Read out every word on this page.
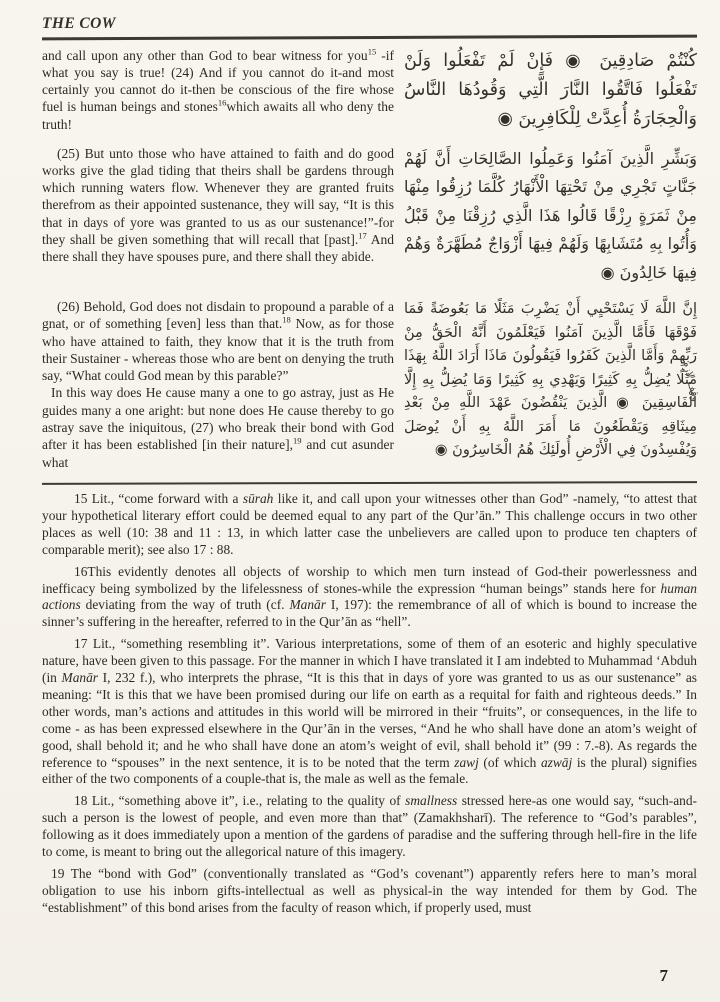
THE COW

and call upon any other than God to bear witness for you$^{15}$ -if what you say is true! (24) And if you cannot do it-and most certainly you cannot do it-then be conscious of the fire whose fuel is human beings and stones$^{16}$which awaits all who deny the truth!

كُنْتُمْ صَادِقِينَ ◉ فَإِنْ لَمْ تَفْعَلُوا وَلَنْ تَفْعَلُوا فَاتَّقُوا النَّارَ الَّتِي وَقُودُهَا النَّاسُ وَالْحِجَارَةُ أُعِدَّتْ لِلْكَافِرِينَ ◉

(25) But unto those who have attained to faith and do good works give the glad tiding that theirs shall be gardens through which running waters flow. Whenever they are granted fruits therefrom as their appointed sustenance, they will say, “It is this that in days of yore was granted to us as our sustenance!”-for they shall be given something that will recall that [past].$^{17}$ And there shall they have spouses pure, and there shall they abide.

وَبَشِّرِ الَّذِينَ آمَنُوا وَعَمِلُوا الصَّالِحَاتِ أَنَّ لَهُمْ جَنَّاتٍ تَجْرِي مِنْ تَحْتِهَا الْأَنْهَارُ كُلَّمَا رُزِقُوا مِنْهَا مِنْ ثَمَرَةٍ رِزْقًا قَالُوا هَذَا الَّذِي رُزِقْنَا مِنْ قَبْلُ وَأُتُوا بِهِ مُتَشَابِهًا وَلَهُمْ فِيهَا أَزْوَاجٌ مُطَهَّرَةٌ وَهُمْ فِيهَا خَالِدُونَ ◉

(26) Behold, God does not disdain to propound a parable of a gnat, or of something [even] less than that.$^{18}$ Now, as for those who have attained to faith, they know that it is the truth from their Sustainer - whereas those who are bent on denying the truth say, “What could God mean by this parable?”

In this way does He cause many a one to go astray, just as He guides many a one aright: but none does He cause thereby to go astray save the iniquitous, (27) who break their bond with God after it has been established [in their nature],$^{19}$ and cut asunder what

إِنَّ اللَّهَ لَا يَسْتَحْيِي أَنْ يَضْرِبَ مَثَلًا مَا بَعُوضَةً فَمَا فَوْقَهَا فَأَمَّا الَّذِينَ آمَنُوا فَيَعْلَمُونَ أَنَّهُ الْحَقُّ مِنْ رَبِّهِمْ وَأَمَّا الَّذِينَ كَفَرُوا فَيَقُولُونَ مَاذَا أَرَادَ اللَّهُ بِهَذَا مَثَلًا يُضِلُّ بِهِ كَثِيرًا وَيَهْدِي بِهِ كَثِيرًا وَمَا يُضِلُّ بِهِ إِلَّا الْفَاسِقِينَ ◉ الَّذِينَ يَنْقُضُونَ عَهْدَ اللَّهِ مِنْ بَعْدِ مِيثَاقِهِ وَيَقْطَعُونَ مَا أَمَرَ اللَّهُ بِهِ أَنْ يُوصَلَ وَيُفْسِدُونَ فِي الْأَرْضِ أُولَئِكَ هُمُ الْخَاسِرُونَ ◉
وقف لازم

15 Lit., “come forward with a sūrah like it, and call upon your witnesses other than God” -namely, “to attest that your hypothetical literary effort could be deemed equal to any part of the Qur’ān.” This challenge occurs in two other places as well (10: 38 and 11 : 13, in which latter case the unbelievers are called upon to produce ten chapters of comparable merit); see also 17 : 88.

16This evidently denotes all objects of worship to which men turn instead of God-their powerlessness and inefficacy being symbolized by the lifelessness of stones-while the expression “human beings” stands here for human actions deviating from the way of truth (cf. Manār I, 197): the remembrance of all of which is bound to increase the sinner’s suffering in the hereafter, referred to in the Qur’ān as “hell”.

17 Lit., “something resembling it”. Various interpretations, some of them of an esoteric and highly speculative nature, have been given to this passage. For the manner in which I have translated it I am indebted to Muhammad ‘Abduh (in Manār I, 232 f.), who interprets the phrase, “It is this that in days of yore was granted to us as our sustenance” as meaning: “It is this that we have been promised during our life on earth as a requital for faith and righteous deeds.” In other words, man’s actions and attitudes in this world will be mirrored in their “fruits”, or consequences, in the life to come - as has been expressed elsewhere in the Qur’ān in the verses, “And he who shall have done an atom’s weight of good, shall behold it; and he who shall have done an atom’s weight of evil, shall behold it” (99 : 7.-8). As regards the reference to “spouses” in the next sentence, it is to be noted that the term zawj (of which azwāj is the plural) signifies either of the two components of a couple-that is, the male as well as the female.

18 Lit., “something above it”, i.e., relating to the quality of smallness stressed here-as one would say, “such-and-such a person is the lowest of people, and even more than that” (Zamakhsharī). The reference to “God’s parables”, following as it does immediately upon a mention of the gardens of paradise and the suffering through hell-fire in the life to come, is meant to bring out the allegorical nature of this imagery.

19 The “bond with God” (conventionally translated as “God’s covenant”) apparently refers here to man’s moral obligation to use his inborn gifts-intellectual as well as physical-in the way intended for them by God. The “establishment” of this bond arises from the faculty of reason which, if properly used, must

7
